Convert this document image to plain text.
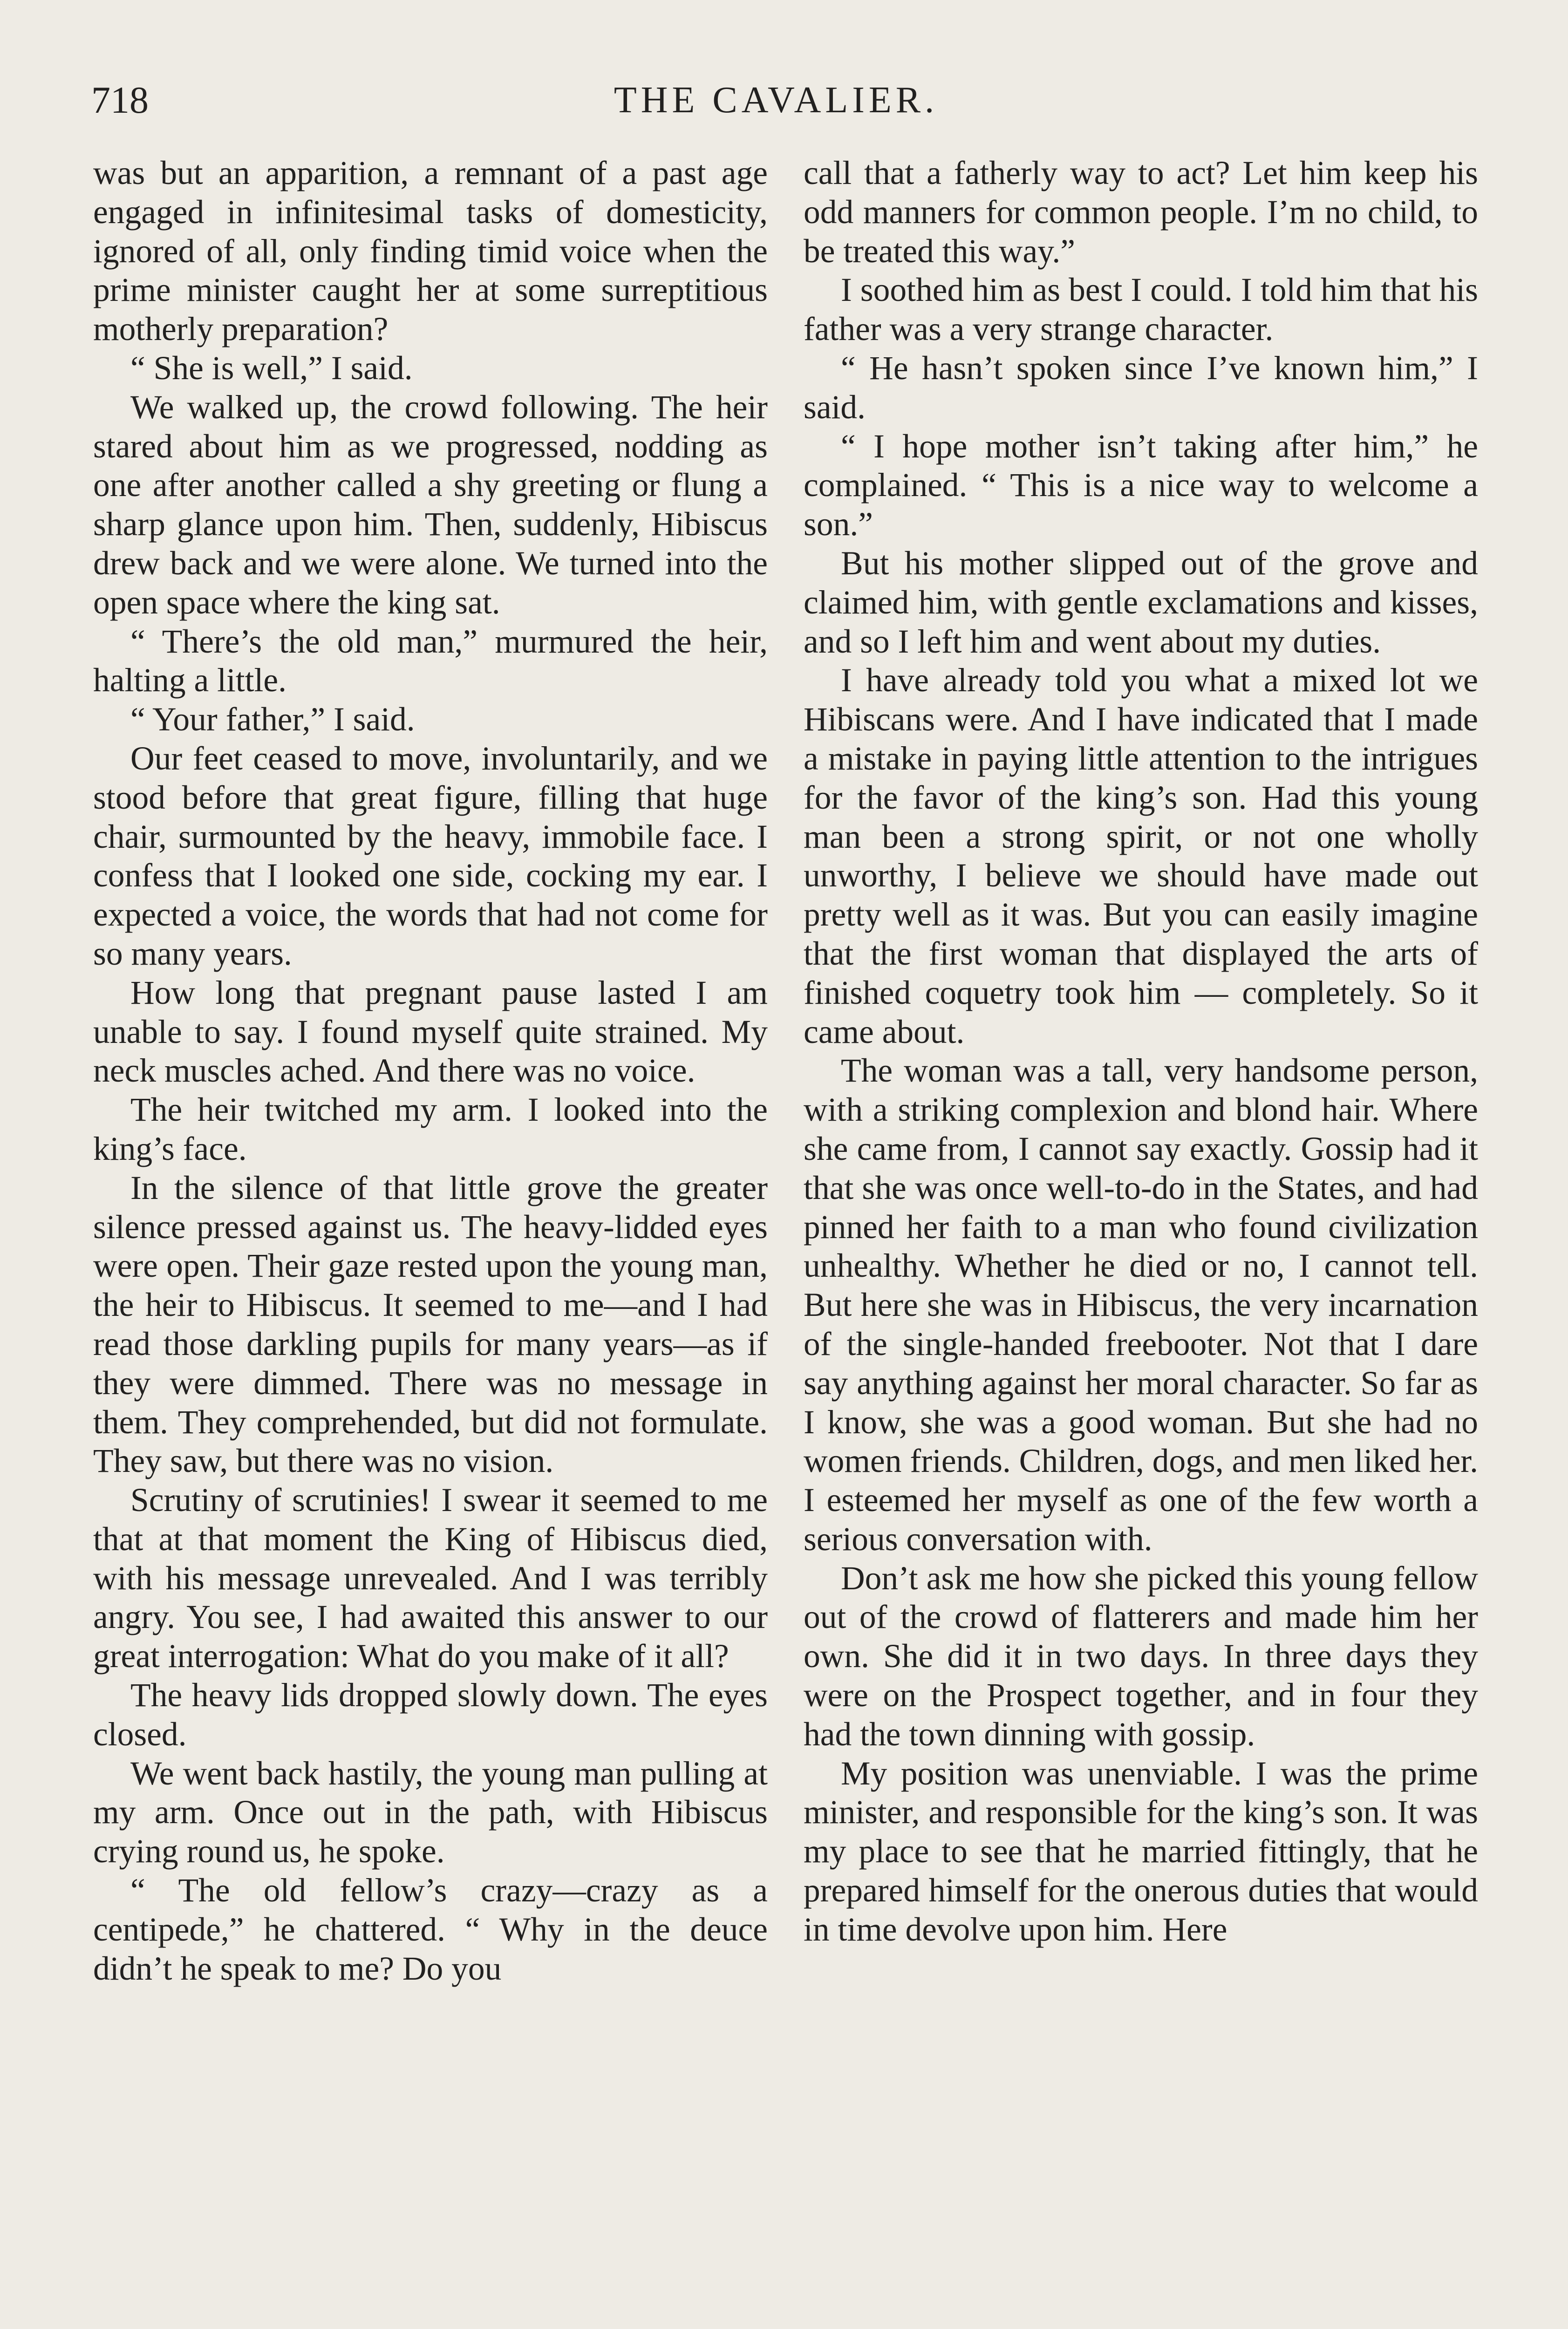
718	THE CAVALIER.

was but an apparition, a remnant of a past age engaged in infinitesimal tasks of domesticity, ignored of all, only finding timid voice when the prime minister caught her at some surreptitious motherly preparation?

“ She is well,” I said.

We walked up, the crowd following. The heir stared about him as we progressed, nodding as one after another called a shy greeting or flung a sharp glance upon him. Then, suddenly, Hibiscus drew back and we were alone. We turned into the open space where the king sat.

“ There’s the old man,” murmured the heir, halting a little.

“ Your father,” I said.

Our feet ceased to move, involuntarily, and we stood before that great figure, filling that huge chair, surmounted by the heavy, immobile face. I confess that I looked one side, cocking my ear. I expected a voice, the words that had not come for so many years.

How long that pregnant pause lasted I am unable to say. I found myself quite strained. My neck muscles ached. And there was no voice.

The heir twitched my arm. I looked into the king’s face.

In the silence of that little grove the greater silence pressed against us. The heavy-lidded eyes were open. Their gaze rested upon the young man, the heir to Hibiscus. It seemed to me—and I had read those darkling pupils for many years—as if they were dimmed. There was no message in them. They comprehended, but did not formulate. They saw, but there was no vision.

Scrutiny of scrutinies! I swear it seemed to me that at that moment the King of Hibiscus died, with his message unrevealed. And I was terribly angry. You see, I had awaited this answer to our great interrogation: What do you make of it all?

The heavy lids dropped slowly down. The eyes closed.

We went back hastily, the young man pulling at my arm. Once out in the path, with Hibiscus crying round us, he spoke.

“ The old fellow’s crazy—crazy as a centipede,” he chattered. “ Why in the deuce didn’t he speak to me? Do you

call that a fatherly way to act? Let him keep his odd manners for common people. I’m no child, to be treated this way.”

I soothed him as best I could. I told him that his father was a very strange character.

“ He hasn’t spoken since I’ve known him,” I said.

“ I hope mother isn’t taking after him,” he complained. “ This is a nice way to welcome a son.”

But his mother slipped out of the grove and claimed him, with gentle exclamations and kisses, and so I left him and went about my duties.

I have already told you what a mixed lot we Hibiscans were. And I have indicated that I made a mistake in paying little attention to the intrigues for the favor of the king’s son. Had this young man been a strong spirit, or not one wholly unworthy, I believe we should have made out pretty well as it was. But you can easily imagine that the first woman that displayed the arts of finished coquetry took him — completely. So it came about.

The woman was a tall, very handsome person, with a striking complexion and blond hair. Where she came from, I cannot say exactly. Gossip had it that she was once well-to-do in the States, and had pinned her faith to a man who found civilization unhealthy. Whether he died or no, I cannot tell. But here she was in Hibiscus, the very incarnation of the single-handed freebooter. Not that I dare say anything against her moral character. So far as I know, she was a good woman. But she had no women friends. Children, dogs, and men liked her. I esteemed her myself as one of the few worth a serious conversation with.

Don’t ask me how she picked this young fellow out of the crowd of flatterers and made him her own. She did it in two days. In three days they were on the Prospect together, and in four they had the town dinning with gossip.

My position was unenviable. I was the prime minister, and responsible for the king’s son. It was my place to see that he married fittingly, that he prepared himself for the onerous duties that would in time devolve upon him. Here
